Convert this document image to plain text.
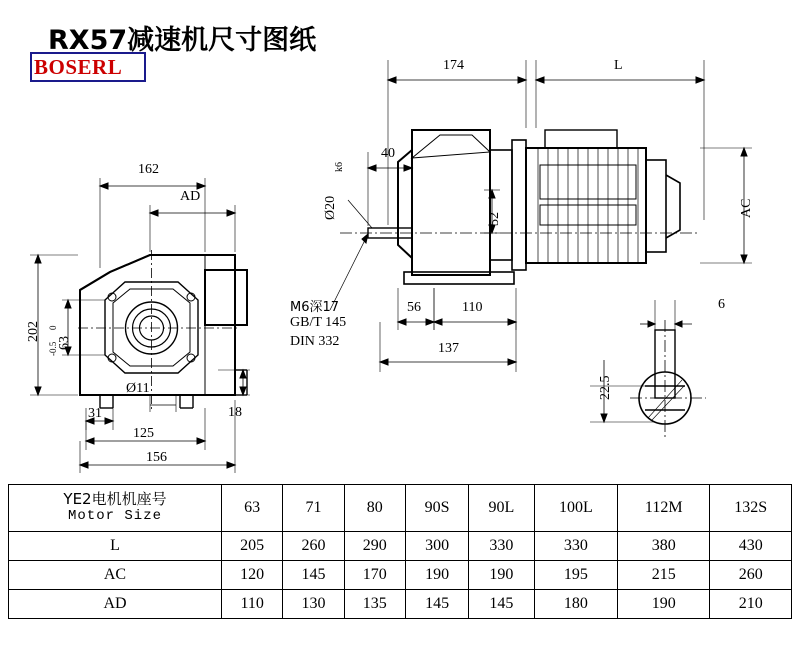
RX57减速机尺寸图纸
BOSERL
162
AD
202
63
0
-0.5
31
125
156
18
Ø11
174	L
40
Ø20
k6
52
AC
56	110
137
M6深17
GB/T 145
DIN 332
6
22.5
YE2电机机座号
Motor Size	63	71	80	90S	90L	100L	112M	132S
L	205	260	290	300	330	330	380	430
AC	120	145	170	190	190	195	215	260
AD	110	130	135	145	145	180	190	210
